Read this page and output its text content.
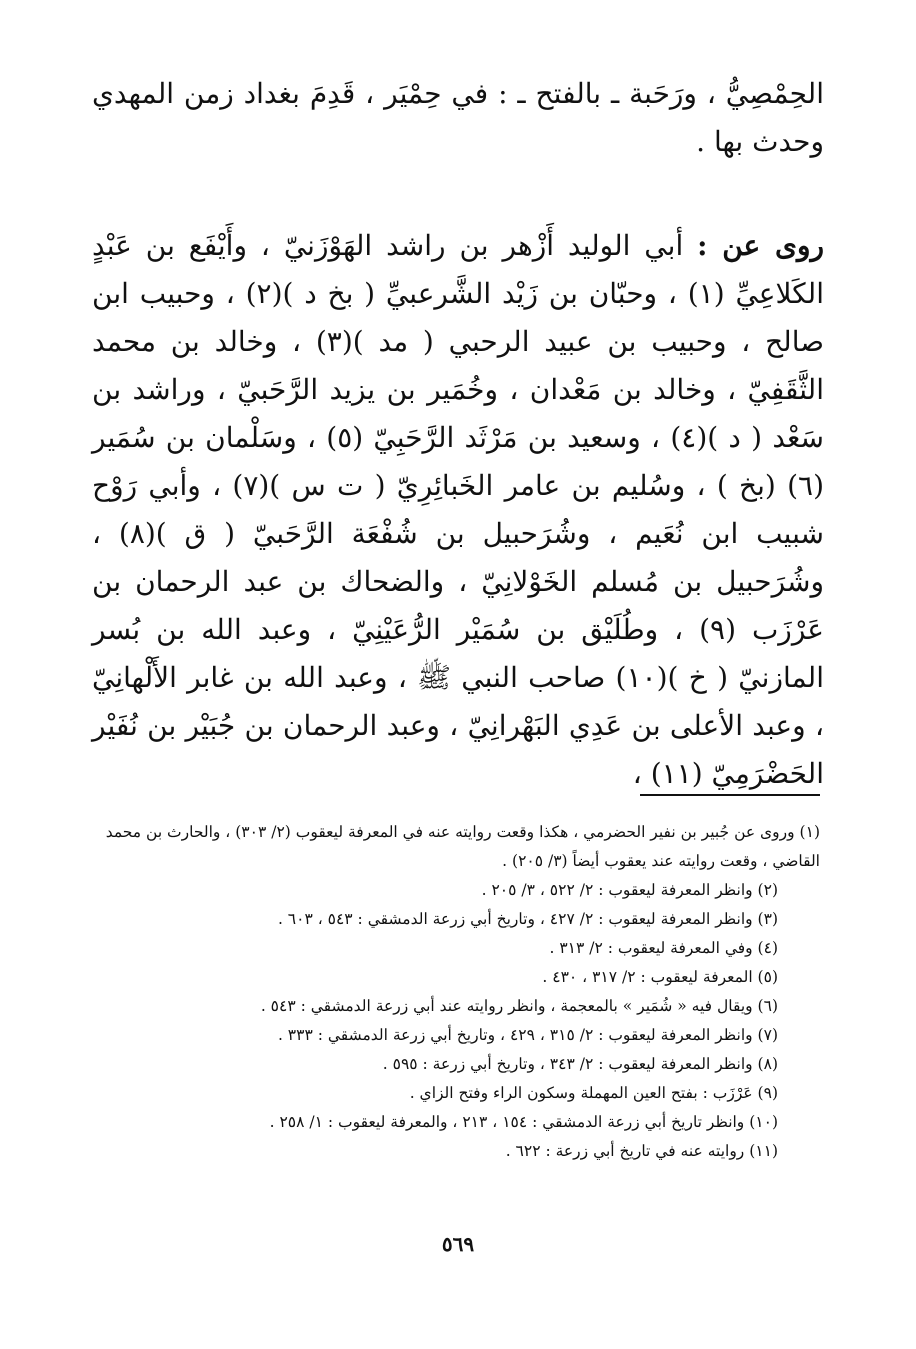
الحِمْصِيُّ ، ورَحَبة ـ بالفتح ـ : في حِمْيَر ، قَدِمَ بغداد زمن المهدي وحدث بها .

روى عن : أبي الوليد أَزْهر بن راشد الهَوْزَنيّ ، وأَيْفَع بن عَبْدٍ الكَلاعِيِّ (١) ، وحبّان بن زَيْد الشَّرعبيِّ ( بخ د )(٢) ، وحبيب ابن صالح ، وحبيب بن عبيد الرحبي ( مد )(٣) ، وخالد بن محمد الثَّقَفِيّ ، وخالد بن مَعْدان ، وخُمَير بن يزيد الرَّحَبيّ ، وراشد بن سَعْد ( د )(٤) ، وسعيد بن مَرْثَد الرَّحَبِيّ (٥) ، وسَلْمان بن سُمَير (٦) (بخ ) ، وسُليم بن عامر الخَبائِرِيّ ( ت س )(٧) ، وأبي رَوْح شبيب ابن نُعَيم ، وشُرَحبيل بن شُفْعَة الرَّحَبيّ ( ق )(٨) ، وشُرَحبيل بن مُسلم الخَوْلانِيّ ، والضحاك بن عبد الرحمان بن عَرْزَب (٩) ، وطُلَيْق بن سُمَيْر الرُّعَيْنِيّ ، وعبد الله بن بُسر المازنيّ ( خ )(١٠) صاحب النبي ﷺ ، وعبد الله بن غابر الأَلْهانِيّ ، وعبد الأعلى بن عَدِي البَهْرانِيّ ، وعبد الرحمان بن جُبَيْر بن نُفَيْر الحَضْرَمِيّ (١١) ،

(١) وروى عن جُبير بن نفير الحضرمي ، هكذا وقعت روايته عنه في المعرفة ليعقوب (٢/ ٣٠٣) ، والحارث بن محمد القاضي ، وقعت روايته عند يعقوب أيضاً (٣/ ٢٠٥) .
(٢) وانظر المعرفة ليعقوب : ٢/ ٥٢٢ ، ٣/ ٢٠٥ .
(٣) وانظر المعرفة ليعقوب : ٢/ ٤٢٧ ، وتاريخ أبي زرعة الدمشقي : ٥٤٣ ، ٦٠٣ .
(٤) وفي المعرفة ليعقوب : ٢/ ٣١٣ .
(٥) المعرفة ليعقوب : ٢/ ٣١٧ ، ٤٣٠ .
(٦) ويقال فيه « شُمَير » بالمعجمة ، وانظر روايته عند أبي زرعة الدمشقي : ٥٤٣ .
(٧) وانظر المعرفة ليعقوب : ٢/ ٣١٥ ، ٤٢٩ ، وتاريخ أبي زرعة الدمشقي : ٣٣٣ .
(٨) وانظر المعرفة ليعقوب : ٢/ ٣٤٣ ، وتاريخ أبي زرعة : ٥٩٥ .
(٩) عَرْزَب : بفتح العين المهملة وسكون الراء وفتح الزاي .
(١٠) وانظر تاريخ أبي زرعة الدمشقي : ١٥٤ ، ٢١٣ ، والمعرفة ليعقوب : ١/ ٢٥٨ .
(١١) روايته عنه في تاريخ أبي زرعة : ٦٢٢ .
٥٦٩
